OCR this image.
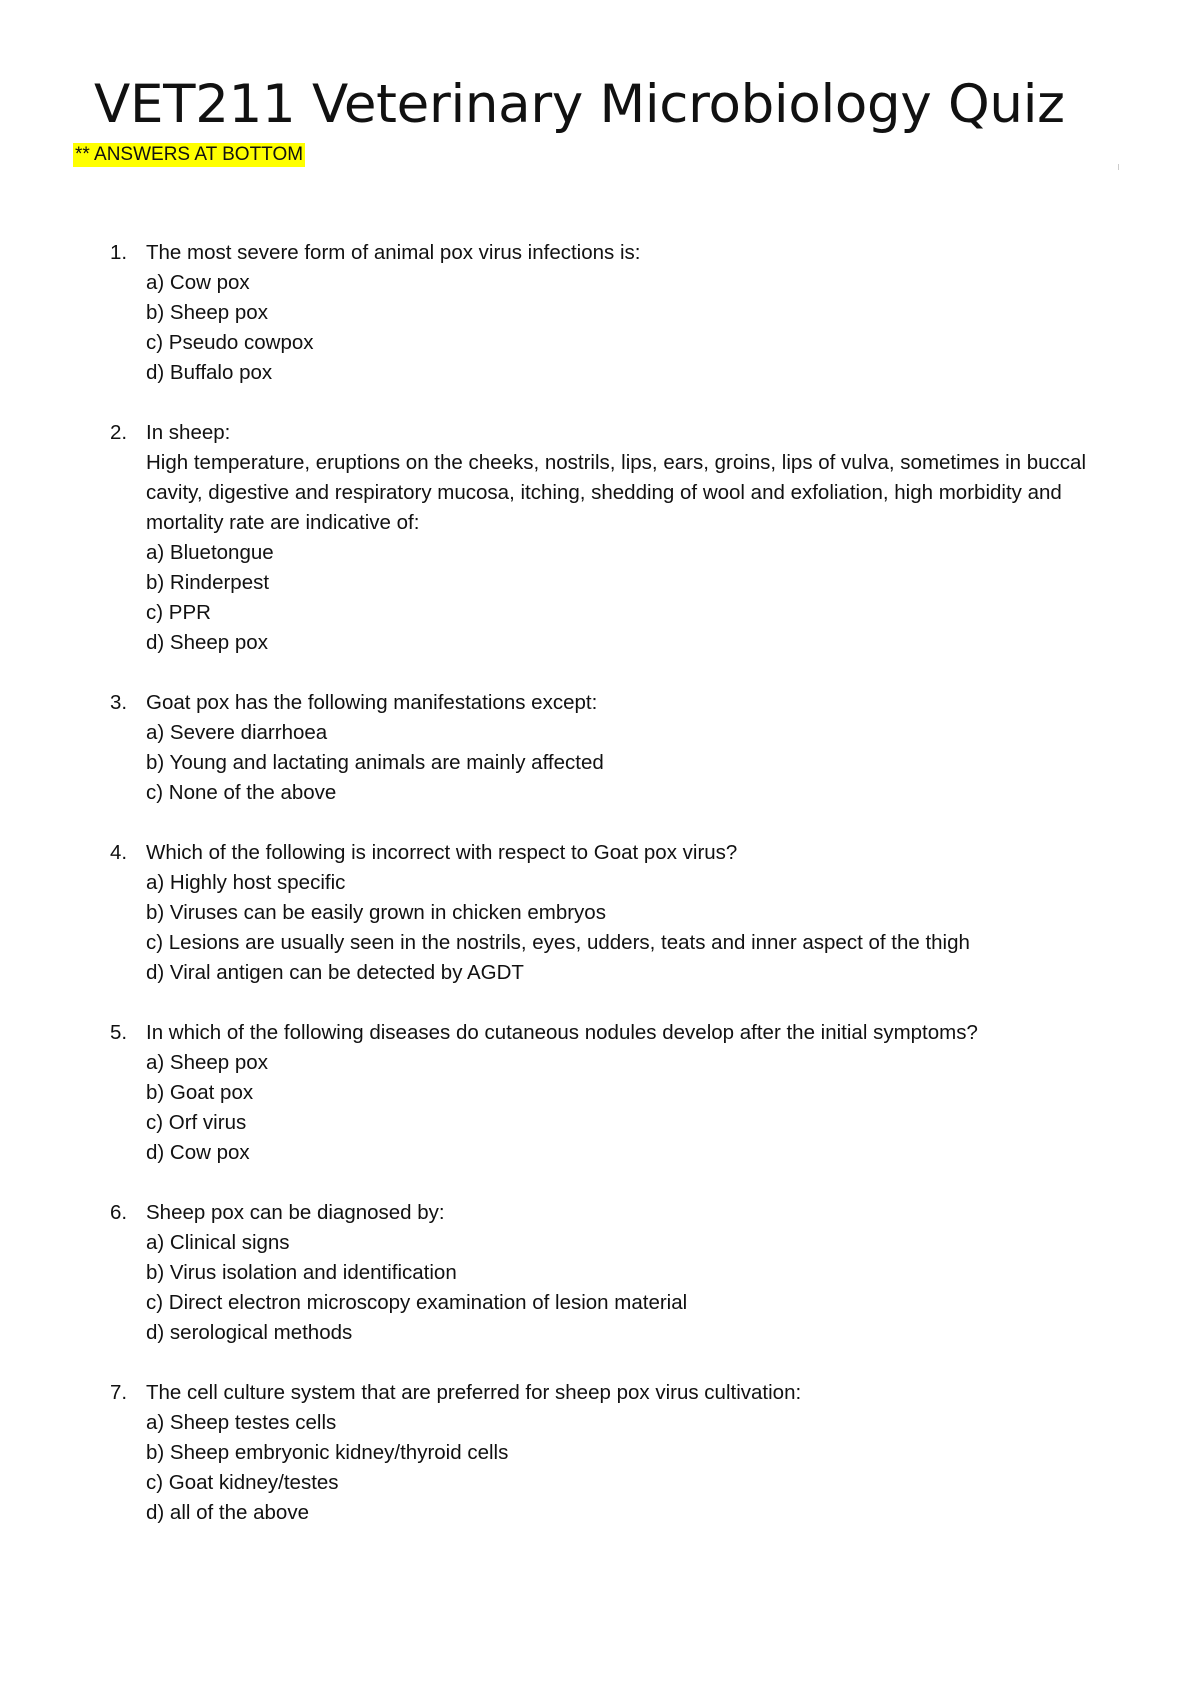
VET211 Veterinary Microbiology Quiz
** ANSWERS AT BOTTOM
1. The most severe form of animal pox virus infections is:
a) Cow pox
b) Sheep pox
c) Pseudo cowpox
d) Buffalo pox
2. In sheep:
High temperature, eruptions on the cheeks, nostrils, lips, ears, groins, lips of vulva, sometimes in buccal cavity, digestive and respiratory mucosa, itching, shedding of wool and exfoliation, high morbidity and mortality rate are indicative of:
a) Bluetongue
b) Rinderpest
c) PPR
d) Sheep pox
3. Goat pox has the following manifestations except:
a) Severe diarrhoea
b) Young and lactating animals are mainly affected
c) None of the above
4. Which of the following is incorrect with respect to Goat pox virus?
a) Highly host specific
b) Viruses can be easily grown in chicken embryos
c) Lesions are usually seen in the nostrils, eyes, udders, teats and inner aspect of the thigh
d) Viral antigen can be detected by AGDT
5. In which of the following diseases do cutaneous nodules develop after the initial symptoms?
a) Sheep pox
b) Goat pox
c) Orf virus
d) Cow pox
6. Sheep pox can be diagnosed by:
a) Clinical signs
b) Virus isolation and identification
c) Direct electron microscopy examination of lesion material
d) serological methods
7. The cell culture system that are preferred for sheep pox virus cultivation:
a) Sheep testes cells
b) Sheep embryonic kidney/thyroid cells
c) Goat kidney/testes
d) all of the above
